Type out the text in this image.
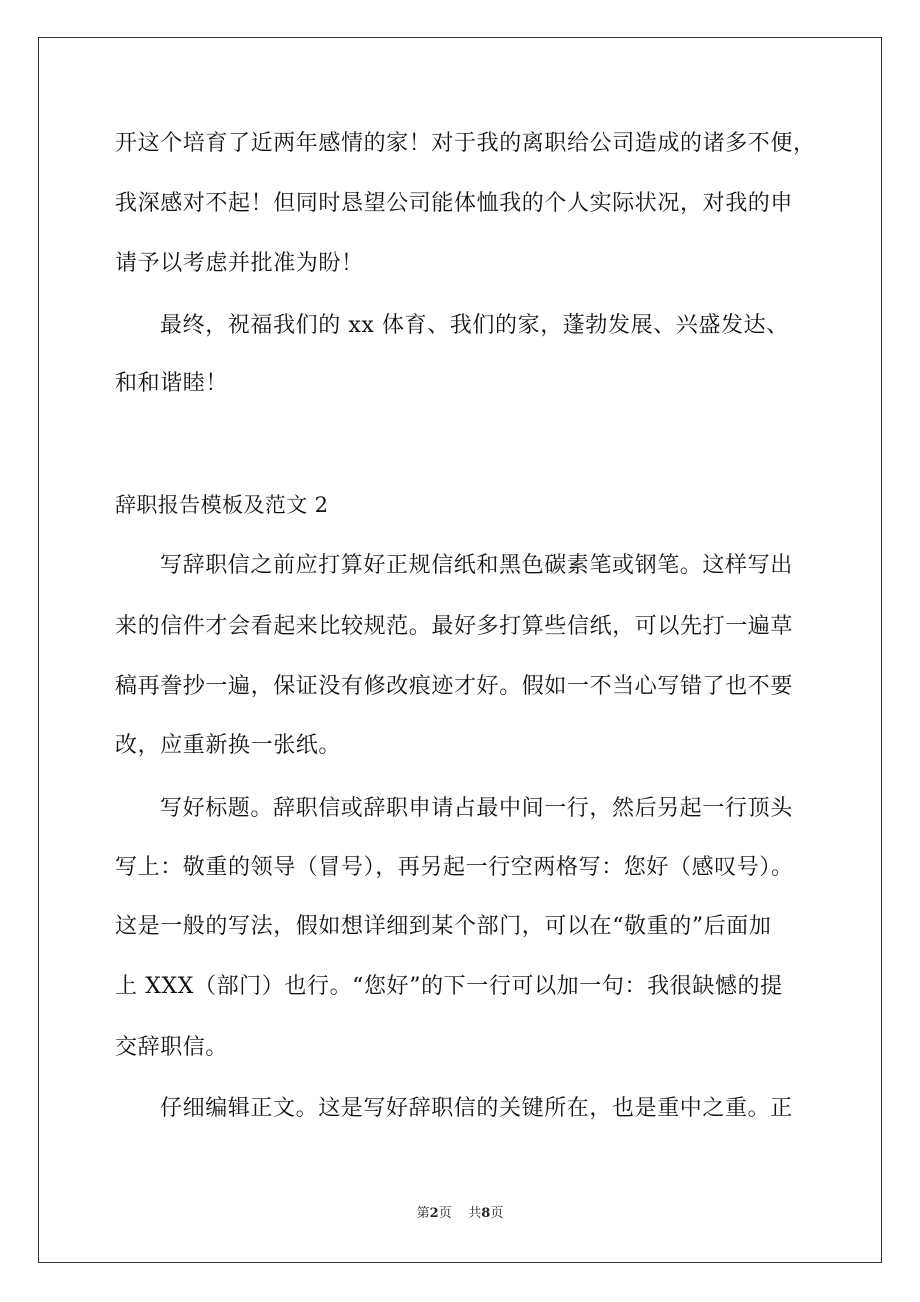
开这个培育了近两年感情的家！对于我的离职给公司造成的诸多不便，
我深感对不起！但同时恳望公司能体恤我的个人实际状况，对我的申
请予以考虑并批准为盼！
最终，祝福我们的 xx 体育、我们的家，蓬勃发展、兴盛发达、
和和谐睦！
辞职报告模板及范文 2
写辞职信之前应打算好正规信纸和黑色碳素笔或钢笔。这样写出
来的信件才会看起来比较规范。最好多打算些信纸，可以先打一遍草
稿再誊抄一遍，保证没有修改痕迹才好。假如一不当心写错了也不要
改，应重新换一张纸。
写好标题。辞职信或辞职申请占最中间一行，然后另起一行顶头
写上：敬重的领导（冒号），再另起一行空两格写：您好（感叹号）。
这是一般的写法，假如想详细到某个部门，可以在“敬重的”后面加
上 XXX（部门）也行。“您好”的下一行可以加一句：我很缺憾的提
交辞职信。
仔细编辑正文。这是写好辞职信的关键所在，也是重中之重。正
第2页 共8页
